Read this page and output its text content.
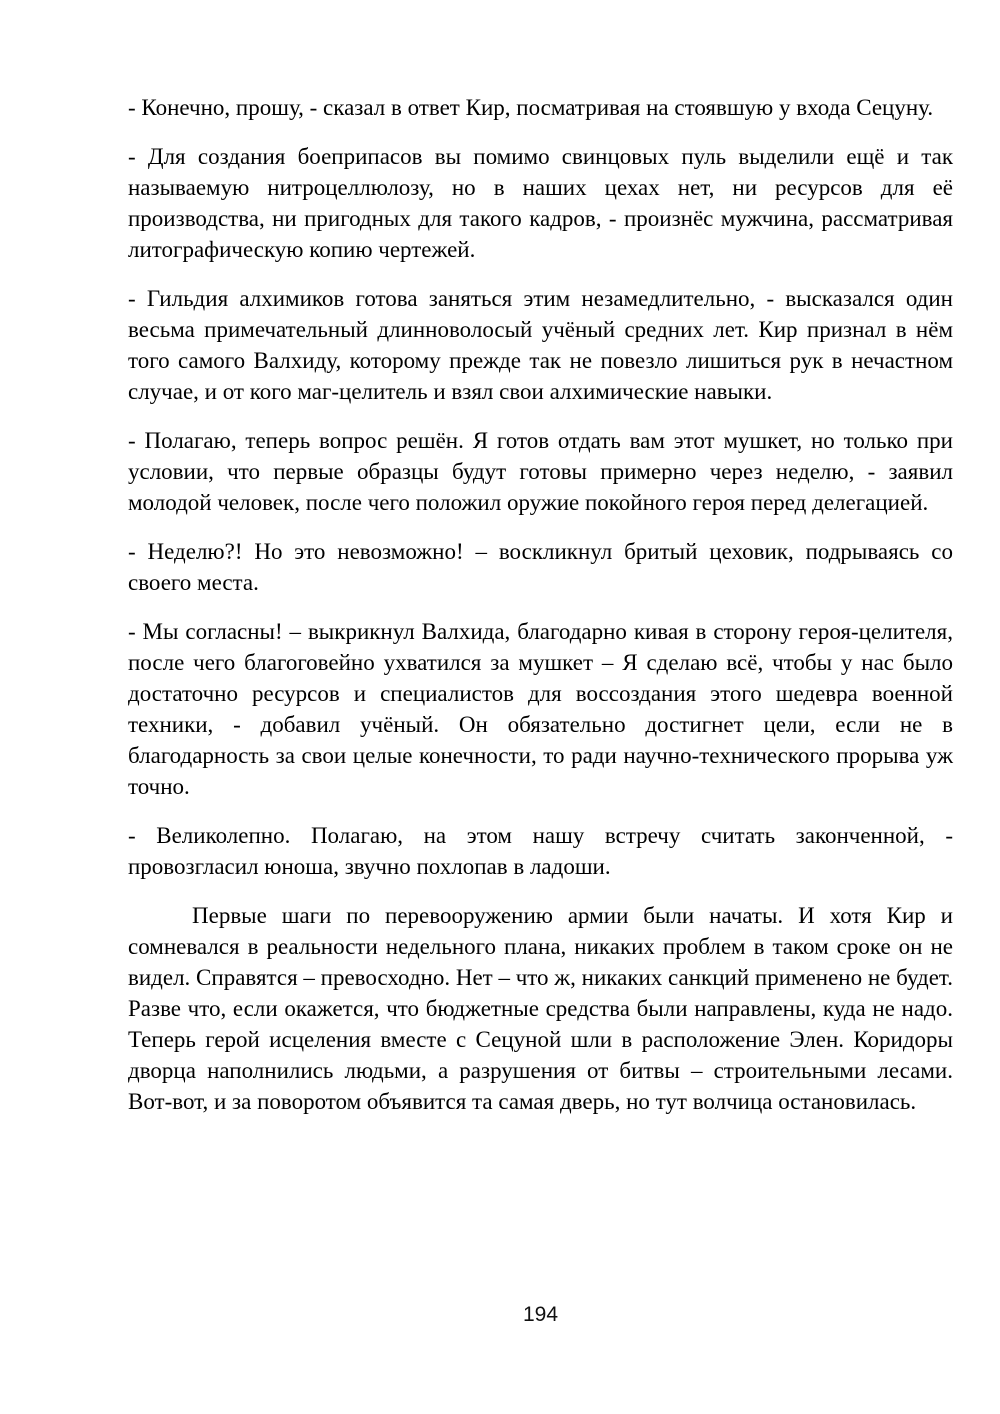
- Конечно, прошу, - сказал в ответ Кир, посматривая на стоявшую у входа Сецуну.

- Для создания боеприпасов вы помимо свинцовых пуль выделили ещё и так называемую нитроцеллюлозу, но в наших цехах нет, ни ресурсов для её производства, ни пригодных для такого кадров, - произнёс мужчина, рассматривая литографическую копию чертежей.

- Гильдия алхимиков готова заняться этим незамедлительно, - высказался один весьма примечательный длинноволосый учёный средних лет. Кир признал в нём того самого Валхиду, которому прежде так не повезло лишиться рук в нечастном случае, и от кого маг-целитель и взял свои алхимические навыки.

- Полагаю, теперь вопрос решён. Я готов отдать вам этот мушкет, но только при условии, что первые образцы будут готовы примерно через неделю, - заявил молодой человек, после чего положил оружие покойного героя перед делегацией.

- Неделю?! Но это невозможно! – воскликнул бритый цеховик, подрываясь со своего места.

- Мы согласны! – выкрикнул Валхида, благодарно кивая в сторону героя-целителя, после чего благоговейно ухватился за мушкет – Я сделаю всё, чтобы у нас было достаточно ресурсов и специалистов для воссоздания этого шедевра военной техники, - добавил учёный. Он обязательно достигнет цели, если не в благодарность за свои целые конечности, то ради научно-технического прорыва уж точно.

- Великолепно. Полагаю, на этом нашу встречу считать законченной, - провозгласил юноша, звучно похлопав в ладоши.

Первые шаги по перевооружению армии были начаты. И хотя Кир и сомневался в реальности недельного плана, никаких проблем в таком сроке он не видел. Справятся – превосходно. Нет – что ж, никаких санкций применено не будет. Разве что, если окажется, что бюджетные средства были направлены, куда не надо. Теперь герой исцеления вместе с Сецуной шли в расположение Элен. Коридоры дворца наполнились людьми, а разрушения от битвы – строительными лесами. Вот-вот, и за поворотом объявится та самая дверь, но тут волчица остановилась.

194
